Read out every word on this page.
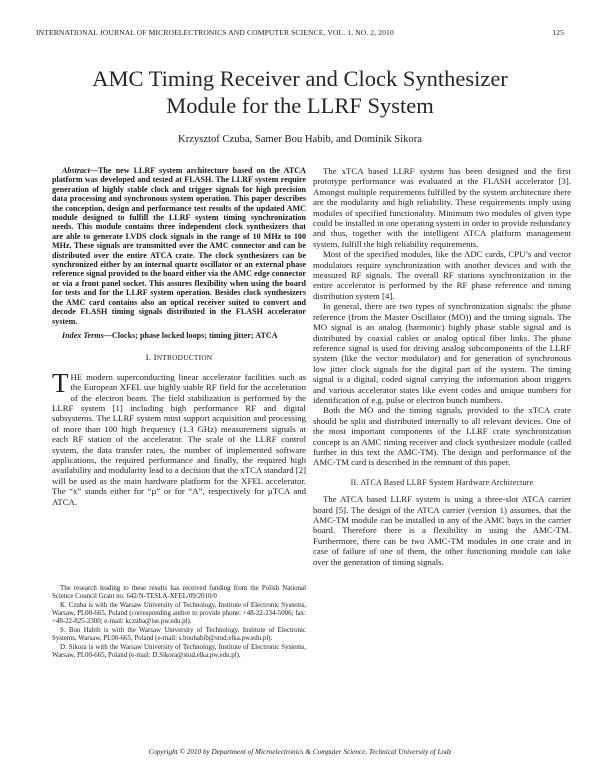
INTERNATIONAL JOURNAL OF MICROELECTRONICS AND COMPUTER SCIENCE, VOL. 1, NO. 2, 2010	125
AMC Timing Receiver and Clock Synthesizer
Module for the LLRF System
Krzysztof Czuba, Samer Bou Habib, and Dominik Sikora

Abstract—The new LLRF system architecture based on the ATCA platform was developed and tested at FLASH. The LLRF system require generation of highly stable clock and trigger signals for high precision data processing and synchronous system operation. This paper describes the conception, design and performance test results of the updated AMC module designed to fulfill the LLRF system timing synchronization needs. This module contains three independent clock synthesizers that are able to generate LVDS clock signals in the range of 10 MHz to 100 MHz. These signals are transmitted over the AMC connector and can be distributed over the entire ATCA crate. The clock synthesizers can be synchronized either by an internal quartz oscillator or an external phase reference signal provided to the board either via the AMC edge connector or via a front panel socket. This assures flexibility when using the board for tests and for the LLRF system operation. Besides clock synthesizers the AMC card contains also an optical receiver suited to convert and decode FLASH timing signals distributed in the FLASH accelerator system.

Index Terms—Clocks; phase locked loops; timing jitter; ATCA

I. INTRODUCTION

THE modern superconducting linear accelerator facilities such as the European XFEL use highly stable RF field for the acceleration of the electron beam. The field stabilization is performed by the LLRF system [1] including high performance RF and digital subsystems. The LLRF system must support acquisition and processing of more than 100 high frequency (1.3 GHz) measurement signals at each RF station of the accelerator. The scale of the LLRF control system, the data transfer rates, the number of implemented software applications, the required performance and finally, the required high availability and modularity lead to a decision that the xTCA standard [2] will be used as the main hardware platform for the XFEL accelerator. The “x” stands either for “µ” or for “A”, respectively for µTCA and ATCA.

The research leading to these results has received funding from the Polish National Science Council Grant no. 642/N-TESLA-XFEL/09/2010/0

K. Czuba is with the Warsaw University of Technology, Institute of Electronic Systems, Warsaw, PL00-665, Poland (corresponding author to provide phone: +48-22-234-5006; fax: +48-22-825-2300; e-mail: kczuba@ise.pw.edu.pl).

S. Bou Habib is with the Warsaw University of Technology, Institute of Electronic Systems, Warsaw, PL00-665, Poland (e-mail: s.bouhabib@stud.elka.pw.edu.pl).

D. Sikora is with the Warsaw University of Technology, Institute of Electronic Systems, Warsaw, PL00-665, Poland (e-mail: D.Sikora@stud.elka.pw.edu.pl).

The xTCA based LLRF system has been designed and the first prototype performance was evaluated at the FLASH accelerator [3]. Amongst multiple requirements fulfilled by the system architecture there are the modularity and high reliability. These requirements imply using modules of specified functionality. Minimum two modules of given type could be installed in one operating system in order to provide redundancy and thus, together with the intelligent ATCA platform management system, fulfill the high reliability requirements.

Most of the specified modules, like the ADC cards, CPU’s and vector modulators require synchronization with another devices and with the measured RF signals. The overall RF stations synchronization in the entire accelerator is performed by the RF phase reference and timing distribution system [4].

In general, there are two types of synchronization signals: the phase reference (from the Master Oscillator (MO)) and the timing signals. The MO signal is an analog (harmonic) highly phase stable signal and is distributed by coaxial cables or analog optical fiber links. The phase reference signal is used for driving analog subcomponents of the LLRF system (like the vector modulator) and for generation of synchronous low jitter clock signals for the digital part of the system. The timing signal is a digital, coded signal carrying the information about triggers and various accelerator states like event codes and unique numbers for identification of e.g. pulse or electron bunch numbers.

Both the MO and the timing signals, provided to the xTCA crate should be split and distributed internally to all relevant devices. One of the most important components of the LLRF crate synchronization concept is an AMC timing receiver and clock synthesizer module (called further in this text the AMC-TM). The design and performance of the AMC-TM card is described in the remnant of this paper.

II. ATCA Based LLRF System Hardware Architecture

The ATCA based LLRF system is using a three-slot ATCA carrier board [5]. The design of the ATCA carrier (version 1) assumes, that the AMC-TM module can be installed in any of the AMC bays in the carrier board. Therefore there is a flexibility in using the AMC-TM. Furthermore, there can be two AMC-TM modules in one crate and in case of failure of one of them, the other functioning module can take over the generation of timing signals.

Copyright © 2010 by Department of Microelectronics & Computer Science, Technical University of Lodz
